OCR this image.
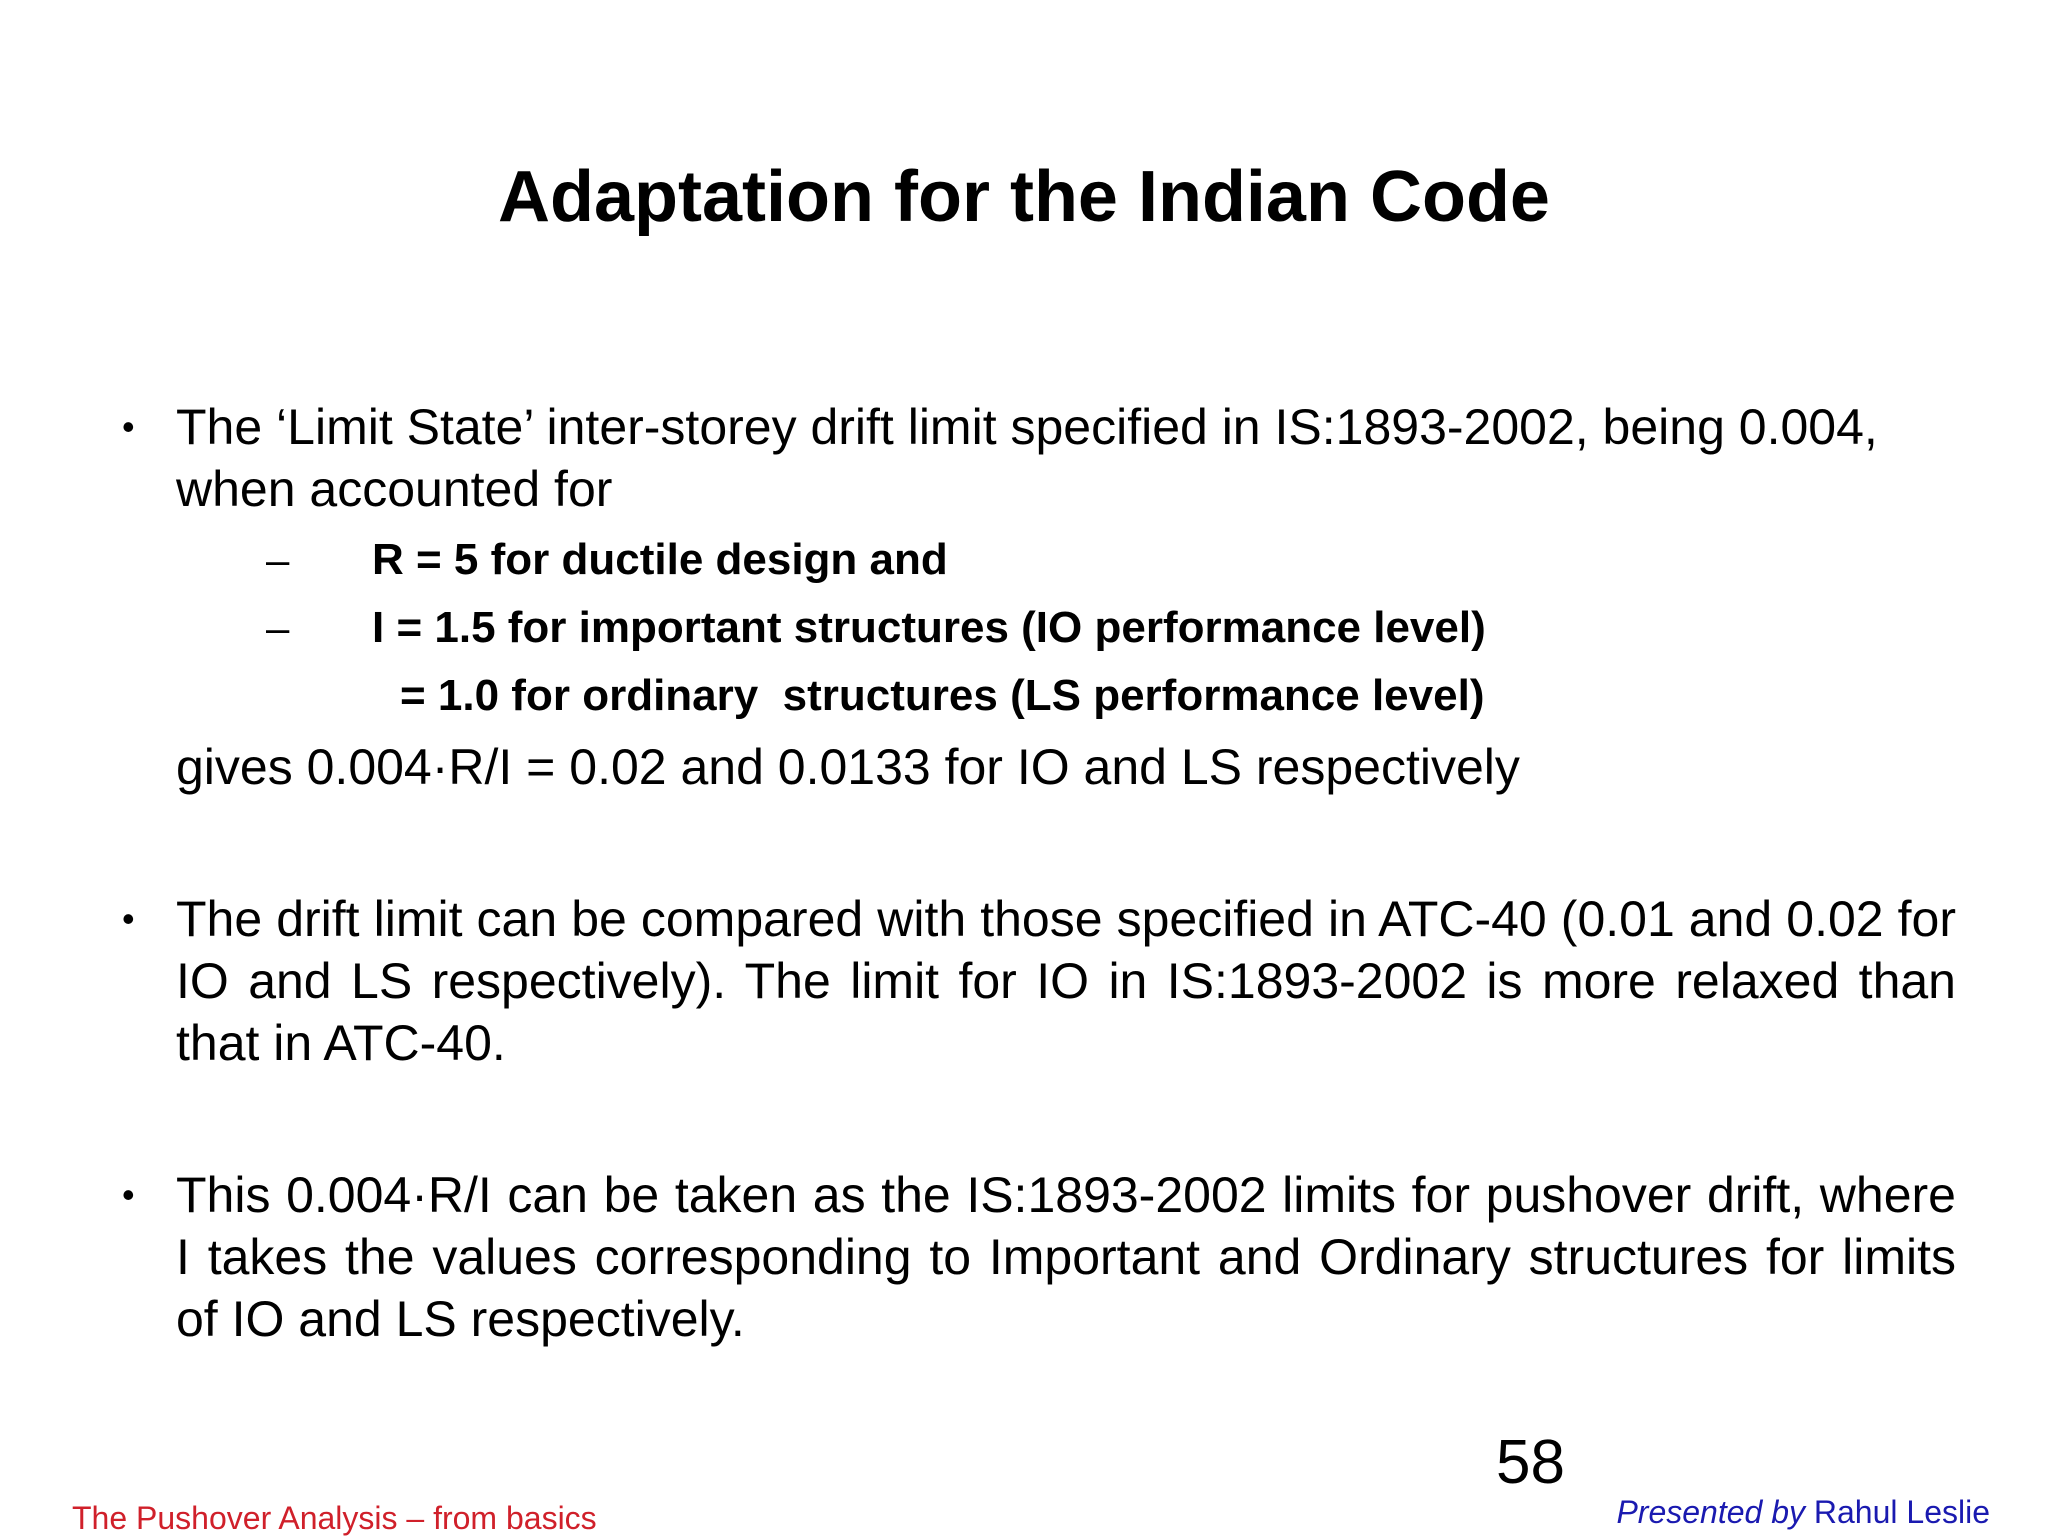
Adaptation for the Indian Code
• The ‘Limit State’ inter-storey drift limit specified in IS:1893-2002, being 0.004, when accounted for
– R = 5 for ductile design and
– I = 1.5 for important structures (IO performance level)
= 1.0 for ordinary  structures (LS performance level)
gives 0.004·R/I = 0.02 and 0.0133 for IO and LS respectively
• The drift limit can be compared with those specified in ATC-40 (0.01 and 0.02 for IO and LS respectively). The limit for IO in IS:1893-2002 is more relaxed than that in ATC-40.
• This 0.004·R/I can be taken as the IS:1893-2002 limits for pushover drift, where I takes the values corresponding to Important and Ordinary structures for limits of IO and LS respectively.
58
The Pushover Analysis – from basics	Presented by Rahul Leslie
